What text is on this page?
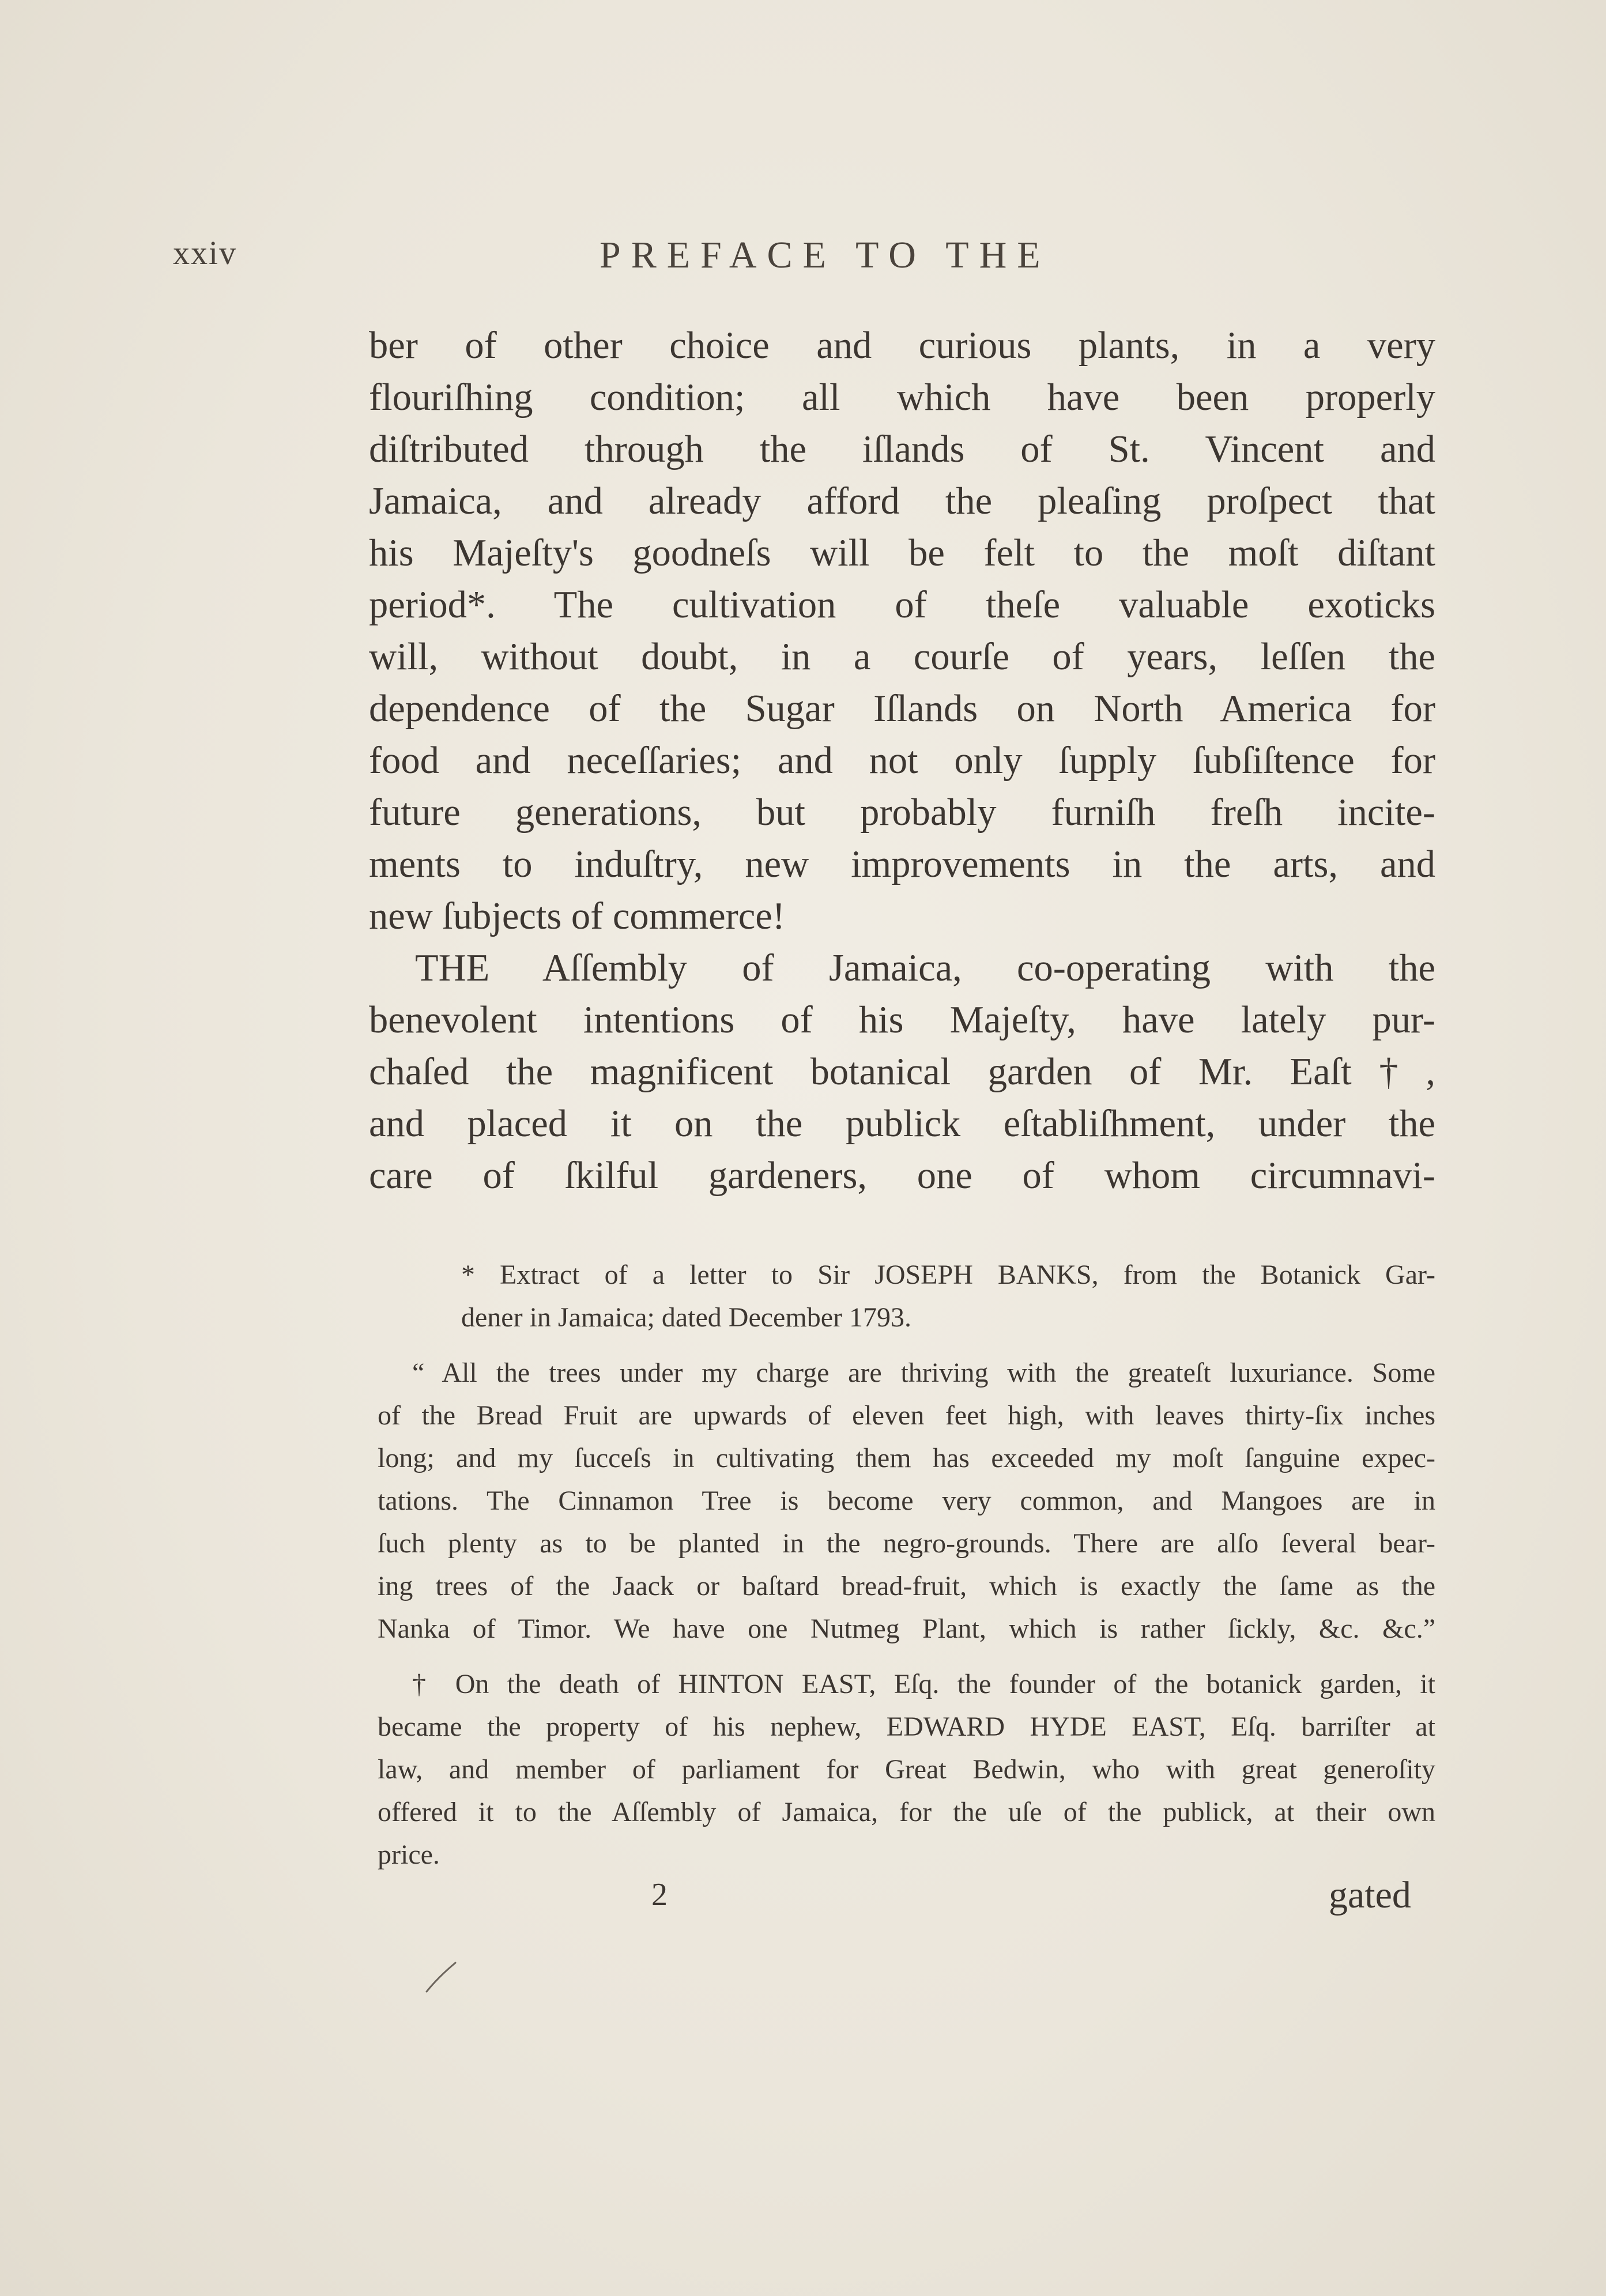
xxiv	PREFACE TO THE
ber of other choice and curious plants, in a very
flouriſhing condition; all which have been properly
diſtributed through the iſlands of St. Vincent and
Jamaica, and already afford the pleaſing proſpect that
his Majeſty's goodneſs will be felt to the moſt diſtant
period*. The cultivation of theſe valuable exoticks
will, without doubt, in a courſe of years, leſſen the
dependence of the Sugar Iſlands on North America for
food and neceſſaries; and not only ſupply ſubſiſtence for
future generations, but probably furniſh freſh incite-
ments to induſtry, new improvements in the arts, and
new ſubjects of commerce!
THE Aſſembly of Jamaica, co-operating with the
benevolent intentions of his Majeſty, have lately pur-
chaſed the magnificent botanical garden of Mr. Eaſt†,
and placed it on the publick eſtabliſhment, under the
care of ſkilful gardeners, one of whom circumnavi-
* Extract of a letter to Sir JOSEPH BANKS, from the Botanick Gar-
dener in Jamaica; dated December 1793.
“ All the trees under my charge are thriving with the greateſt luxuriance. Some
of the Bread Fruit are upwards of eleven feet high, with leaves thirty-ſix inches
long; and my ſucceſs in cultivating them has exceeded my moſt ſanguine expec-
tations. The Cinnamon Tree is become very common, and Mangoes are in
ſuch plenty as to be planted in the negro-grounds. There are alſo ſeveral bear-
ing trees of the Jaack or baſtard bread-fruit, which is exactly the ſame as the
Nanka of Timor. We have one Nutmeg Plant, which is rather ſickly, &c. &c.”
† On the death of HINTON EAST, Eſq. the founder of the botanick garden, it
became the property of his nephew, EDWARD HYDE EAST, Eſq. barriſter at
law, and member of parliament for Great Bedwin, who with great generoſity
offered it to the Aſſembly of Jamaica, for the uſe of the publick, at their own
price.
2	gated
